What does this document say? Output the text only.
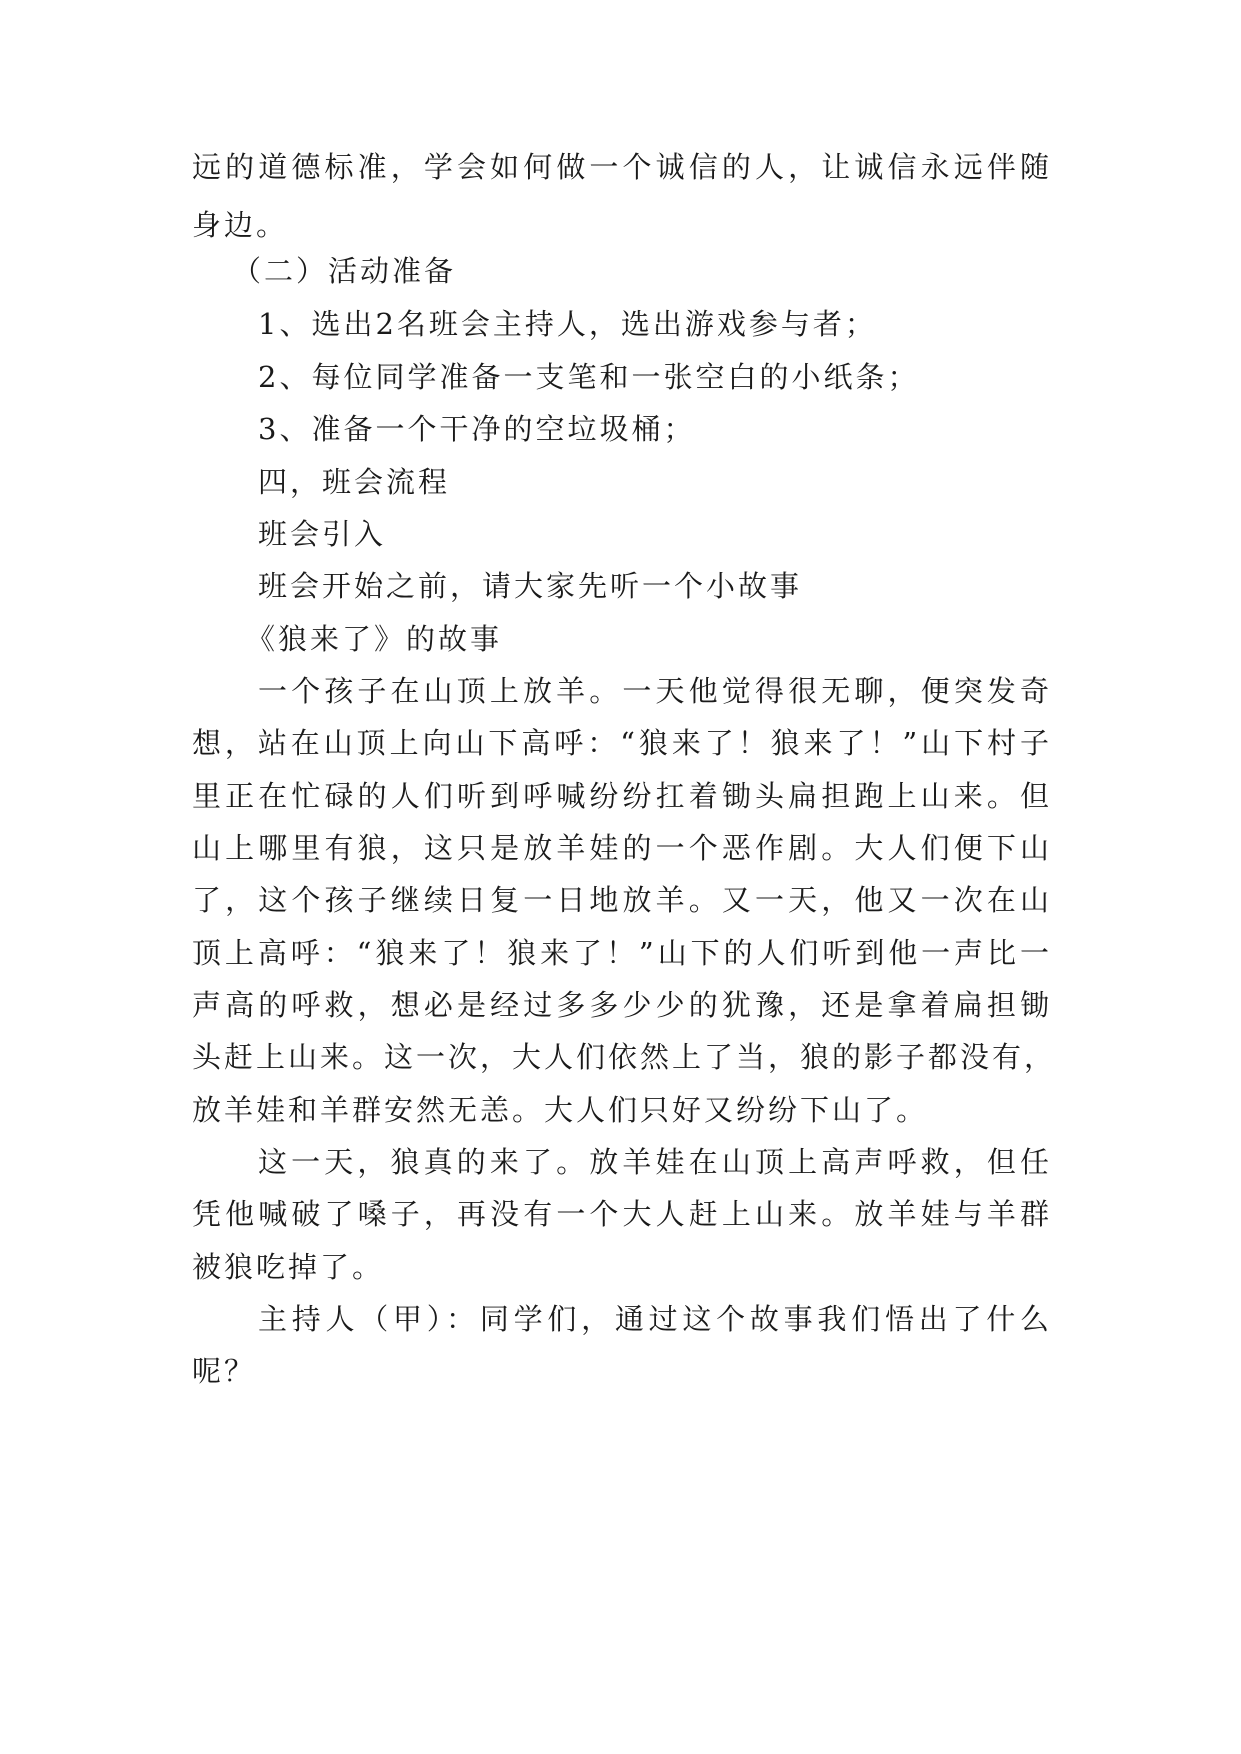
远的道德标准，学会如何做一个诚信的人，让诚信永远伴随
身边。
（二）活动准备
1、选出2名班会主持人，选出游戏参与者；
2、每位同学准备一支笔和一张空白的小纸条；
3、准备一个干净的空垃圾桶；
四，班会流程
班会引入
班会开始之前，请大家先听一个小故事
《狼来了》的故事
一个孩子在山顶上放羊。一天他觉得很无聊，便突发奇
想，站在山顶上向山下高呼：“狼来了！狼来了！”山下村子
里正在忙碌的人们听到呼喊纷纷扛着锄头扁担跑上山来。但
山上哪里有狼，这只是放羊娃的一个恶作剧。大人们便下山
了，这个孩子继续日复一日地放羊。又一天，他又一次在山
顶上高呼：“狼来了！狼来了！”山下的人们听到他一声比一
声高的呼救，想必是经过多多少少的犹豫，还是拿着扁担锄
头赶上山来。这一次，大人们依然上了当，狼的影子都没有，
放羊娃和羊群安然无恙。大人们只好又纷纷下山了。
这一天，狼真的来了。放羊娃在山顶上高声呼救，但任
凭他喊破了嗓子，再没有一个大人赶上山来。放羊娃与羊群
被狼吃掉了。
主持人（甲）：同学们，通过这个故事我们悟出了什么
呢？
